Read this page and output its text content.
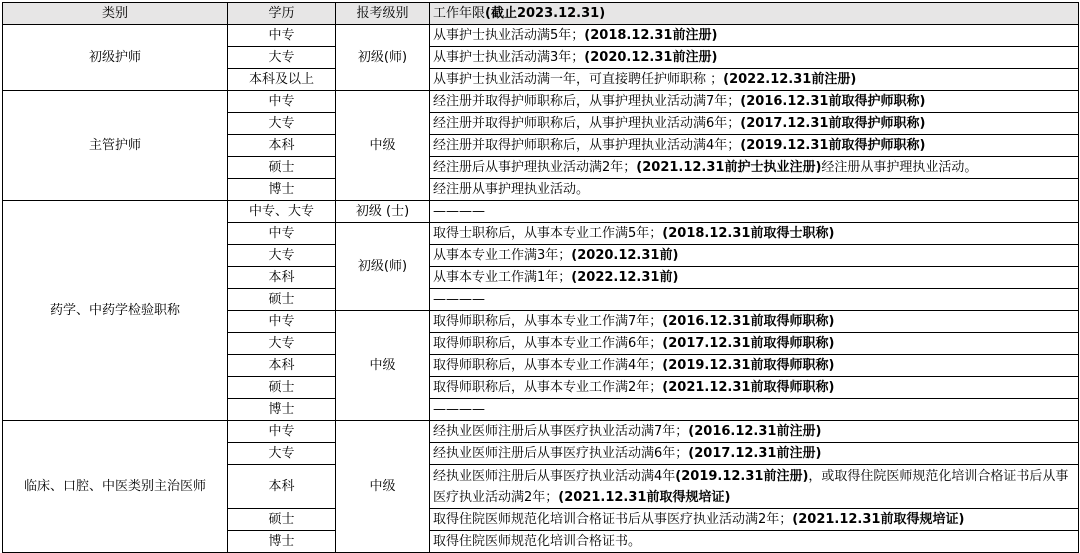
类别	学历	报考级别	工作年限(截止2023.12.31)
初级护师	中专	初级(师)	从事护士执业活动满5年；(2018.12.31前注册)
	大专		从事护士执业活动满3年；(2020.12.31前注册)
	本科及以上		从事护士执业活动满一年，可直接聘任护师职称 ；(2022.12.31前注册)
主管护师	中专	中级	经注册并取得护师职称后，从事护理执业活动满7年；(2016.12.31前取得护师职称)
	大专		经注册并取得护师职称后，从事护理执业活动满6年；(2017.12.31前取得护师职称)
	本科		经注册并取得护师职称后，从事护理执业活动满4年；(2019.12.31前取得护师职称)
	硕士		经注册后从事护理执业活动满2年；(2021.12.31前护士执业注册)经注册从事护理执业活动。
	博士		经注册从事护理执业活动。
药学、中药学检验职称	中专、大专	初级 (士)	————
	中专	初级(师)	取得士职称后，从事本专业工作满5年；(2018.12.31前取得士职称)
	大专		从事本专业工作满3年；(2020.12.31前)
	本科		从事本专业工作满1年；(2022.12.31前)
	硕士		————
	中专	中级	取得师职称后，从事本专业工作满7年；(2016.12.31前取得师职称)
	大专		取得师职称后，从事本专业工作满6年；(2017.12.31前取得师职称)
	本科		取得师职称后，从事本专业工作满4年；(2019.12.31前取得师职称)
	硕士		取得师职称后，从事本专业工作满2年；(2021.12.31前取得师职称)
	博士		————
临床、口腔、中医类别主治医师	中专	中级	经执业医师注册后从事医疗执业活动满7年；(2016.12.31前注册)
	大专		经执业医师注册后从事医疗执业活动满6年；(2017.12.31前注册)
	本科		经执业医师注册后从事医疗执业活动满4年(2019.12.31前注册)，或取得住院医师规范化培训合格证书后从事医疗执业活动满2年；(2021.12.31前取得规培证)
	硕士		取得住院医师规范化培训合格证书后从事医疗执业活动满2年；(2021.12.31前取得规培证)
	博士		取得住院医师规范化培训合格证书。
